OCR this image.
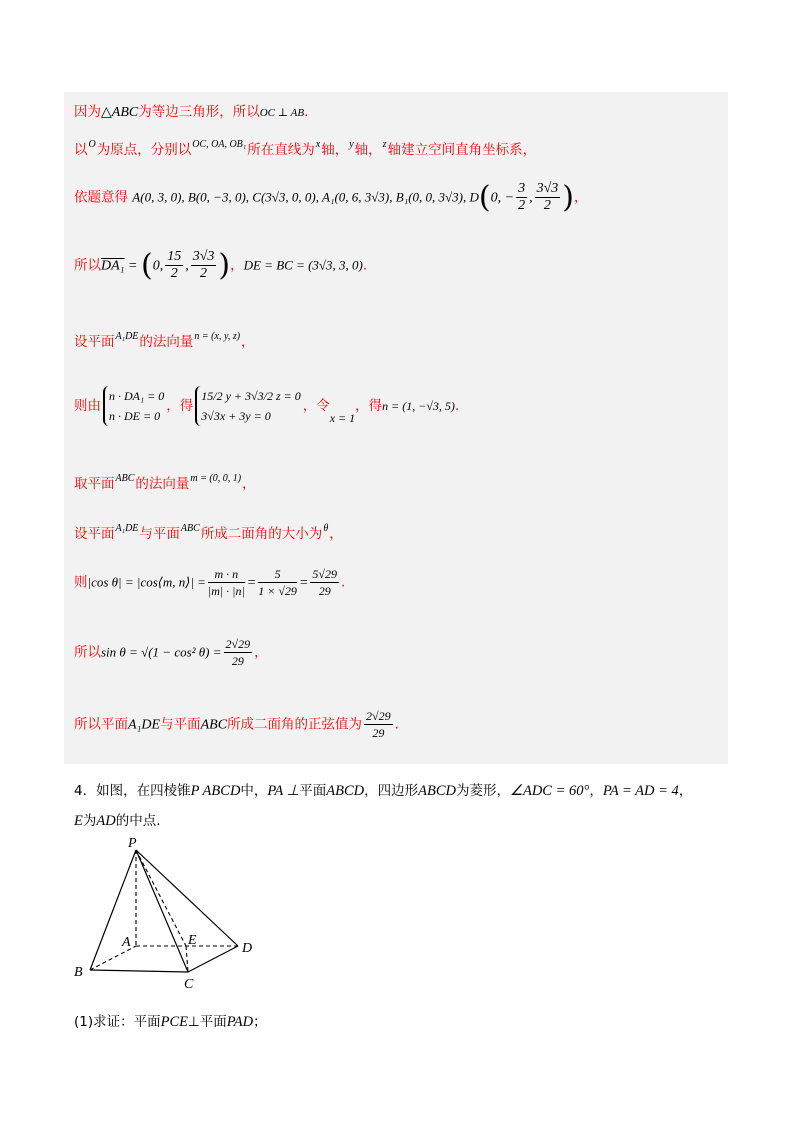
因为△ABC为等边三角形，所以OC ⊥ AB.
以$^O$为原点，分别以$^{OC, OA, OB_1}$所在直线为$^x$轴，$^y$轴，$^z$轴建立空间直角坐标系，
依题意得 A(0, 3, 0), B(0, −3, 0), C(3√3, 0, 0), A₁(0, 6, 3√3), B₁(0, 0, 3√3), D(0, − $\frac{3}{2}$ , $\frac{3√3}{2}$ )，
所以DA₁ = (0, $\frac{15}{2}$ , $\frac{3√3}{2}$ )，DE = BC = (3√3, 3, 0).
设平面$^{A_1DE}$的法向量$^{n = (x, y, z)}$，
则由
n · DA₁ = 0
n · DE = 0
，得
15/2 y + 3√3/2 z = 0
3√3x + 3y = 0
，令x = 1，得n = (1, −√3, 5).
取平面$^{ABC}$的法向量$^{m = (0, 0, 1)}$，
设平面$^{A_1DE}$与平面$^{ABC}$所成二面角的大小为$^\theta$，
则|cos θ| = |cos⟨m, n⟩| = $\frac{m \cdot n}{|m| \cdot |n|} = \frac{5}{1 \times √29} = \frac{5√29}{29}$ .
所以sin θ = √(1 − cos² $\theta) = \frac{2√29}{29}$ ，
所以平面A₁DE与平面ABC所成二面角的正弦值为 $\frac{2√29}{29}$ .
4．如图，在四棱锥P ABCD中，PA ⊥平面ABCD，四边形ABCD为菱形，∠ADC = 60°，PA = AD = 4，
E为AD的中点.
P
A	E
D
B
C
(1)求证：平面PCE⊥平面PAD；
